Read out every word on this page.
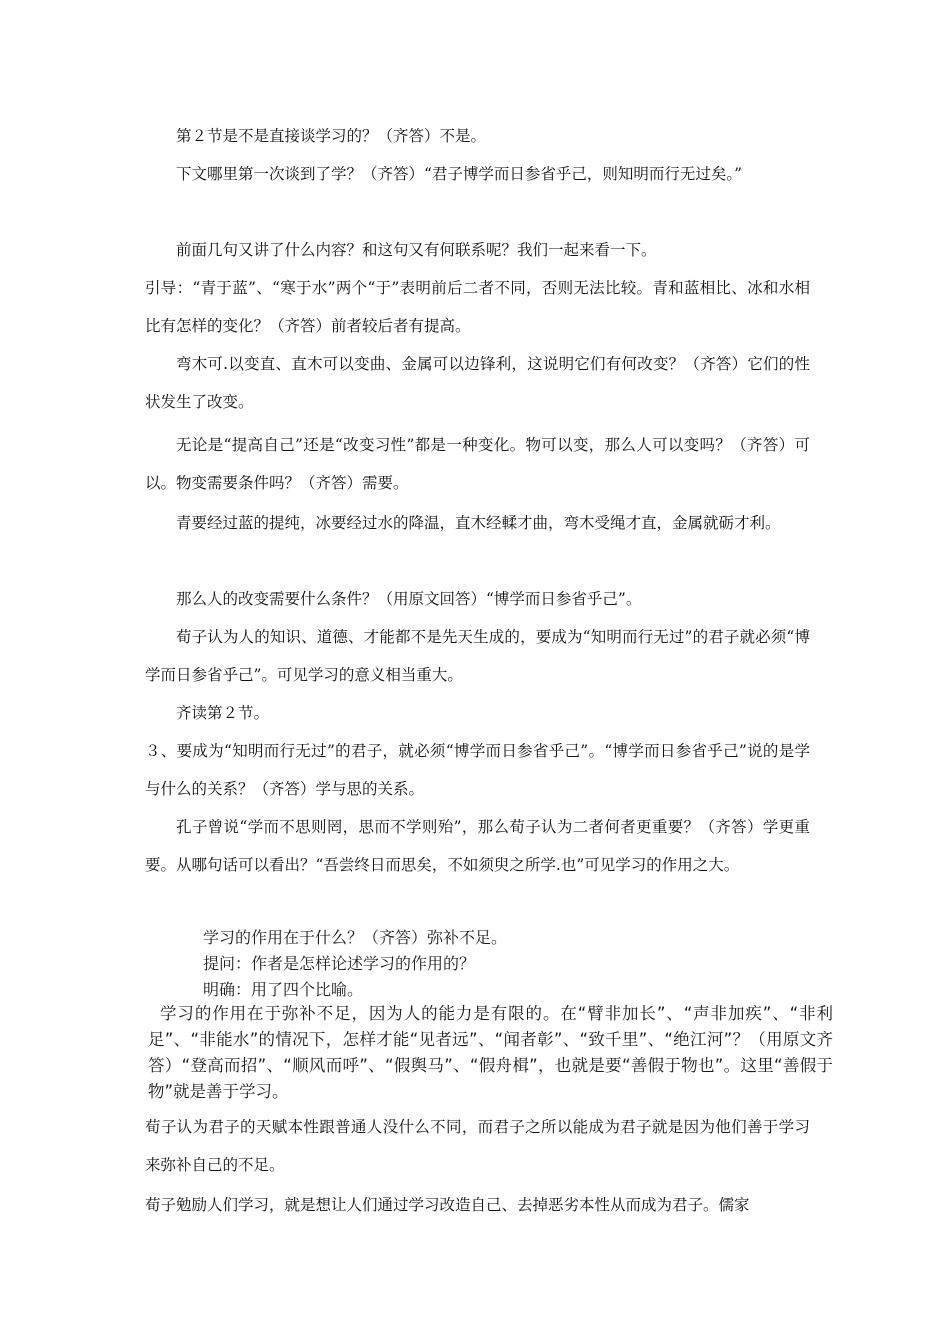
第２节是不是直接谈学习的？（齐答）不是。

下文哪里第一次谈到了学？（齐答）“君子博学而日参省乎己，则知明而行无过矣。”

前面几句又讲了什么内容？和这句又有何联系呢？我们一起来看一下。

引导：“青于蓝”、“寒于水”两个“于”表明前后二者不同，否则无法比较。青和蓝相比、冰和水相比有怎样的变化？（齐答）前者较后者有提高。

弯木可.以变直、直木可以变曲、金属可以边锋利，这说明它们有何改变？（齐答）它们的性状发生了改变。

无论是“提高自己”还是“改变习性”都是一种变化。物可以变，那么人可以变吗？（齐答）可以。物变需要条件吗？（齐答）需要。

青要经过蓝的提纯，冰要经过水的降温，直木经輮才曲，弯木受绳才直，金属就砺才利。

那么人的改变需要什么条件？（用原文回答）“博学而日参省乎己”。

荀子认为人的知识、道德、才能都不是先天生成的，要成为“知明而行无过”的君子就必须“博学而日参省乎己”。可见学习的意义相当重大。

齐读第２节。

３、要成为“知明而行无过”的君子，就必须“博学而日参省乎己”。“博学而日参省乎己”说的是学与什么的关系？（齐答）学与思的关系。

孔子曾说“学而不思则罔，思而不学则殆”，那么荀子认为二者何者更重要？（齐答）学更重要。从哪句话可以看出？“吾尝终日而思矣，不如须臾之所学.也”可见学习的作用之大。

学习的作用在于什么？（齐答）弥补不足。

提问：作者是怎样论述学习的作用的？

明确：用了四个比喻。

学习的作用在于弥补不足，因为人的能力是有限的。在“臂非加长”、“声非加疾”、“非利足”、“非能水”的情况下，怎样才能“见者远”、“闻者彰”、“致千里”、“绝江河”？（用原文齐答）“登高而招”、“顺风而呼”、“假舆马”、“假舟楫”，也就是要“善假于物也”。这里“善假于物”就是善于学习。

荀子认为君子的天赋本性跟普通人没什么不同，而君子之所以能成为君子就是因为他们善于学习来弥补自己的不足。

荀子勉励人们学习，就是想让人们通过学习改造自己、去掉恶劣本性从而成为君子。儒家
